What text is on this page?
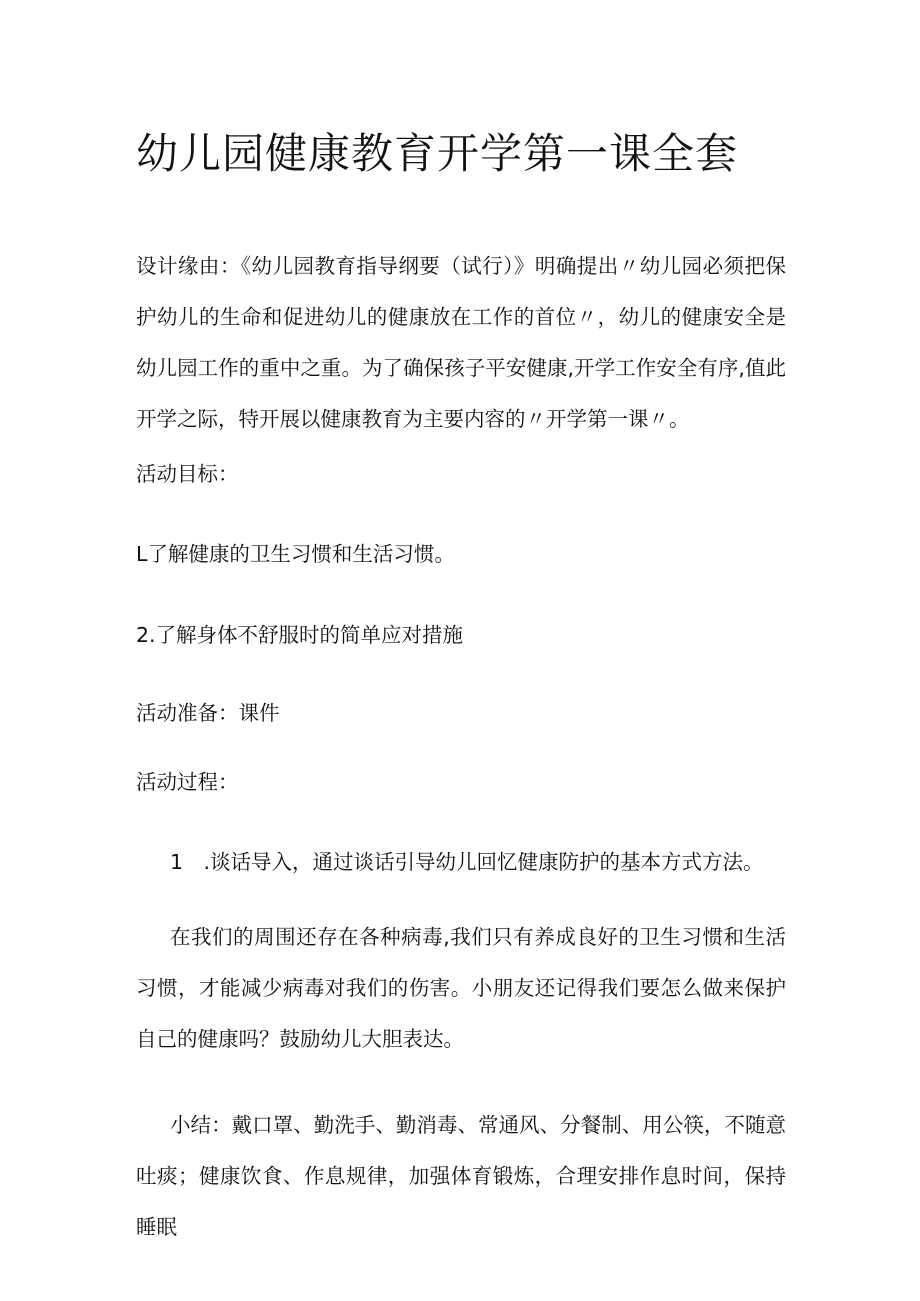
幼儿园健康教育开学第一课全套

设计缘由：《幼儿园教育指导纲要（试行）》明确提出〃幼儿园必须把保护幼儿的生命和促进幼儿的健康放在工作的首位〃，幼儿的健康安全是幼儿园工作的重中之重。为了确保孩子平安健康,开学工作安全有序,值此开学之际，特开展以健康教育为主要内容的〃开学第一课〃。

活动目标：

L了解健康的卫生习惯和生活习惯。

2.了解身体不舒服时的简单应对措施

活动准备：课件

活动过程：

1　.谈话导入，通过谈话引导幼儿回忆健康防护的基本方式方法。

在我们的周围还存在各种病毒,我们只有养成良好的卫生习惯和生活习惯，才能减少病毒对我们的伤害。小朋友还记得我们要怎么做来保护自己的健康吗？鼓励幼儿大胆表达。

小结：戴口罩、勤洗手、勤消毒、常通风、分餐制、用公筷，不随意吐痰；健康饮食、作息规律，加强体育锻炼，合理安排作息时间，保持睡眠
